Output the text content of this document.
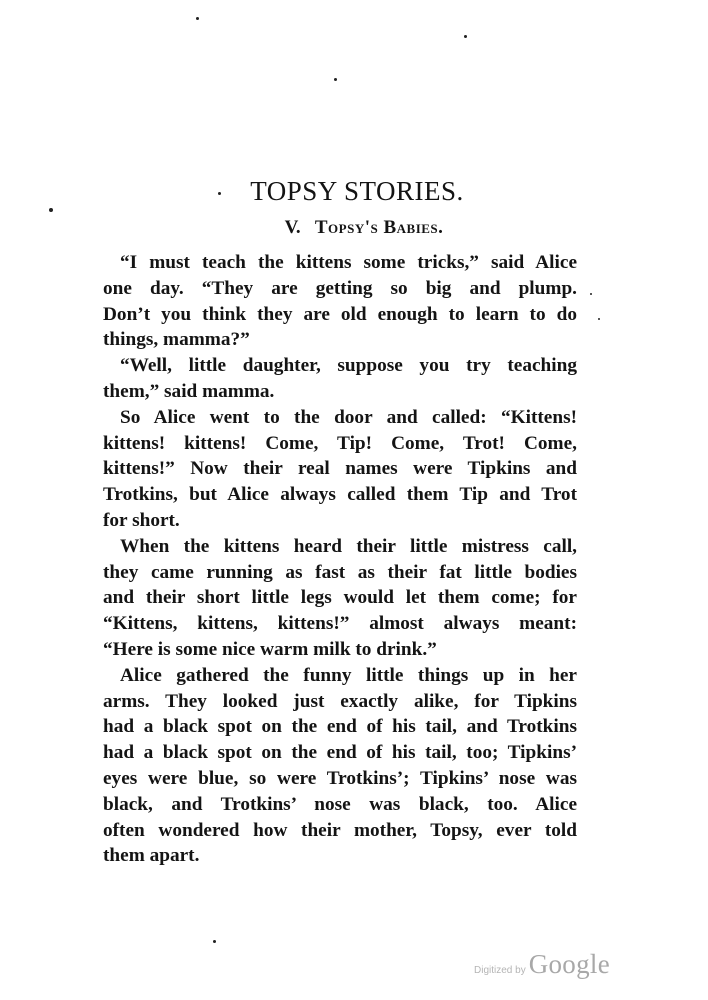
TOPSY STORIES.
V. Topsy's Babies.
“I must teach the kittens some tricks,” said Alice
one day. “They are getting so big and plump.
Don’t you think they are old enough to learn to do
things, mamma?”
“Well, little daughter, suppose you try teaching
them,” said mamma.
So Alice went to the door and called: “Kittens!
kittens! kittens! Come, Tip! Come, Trot! Come,
kittens!” Now their real names were Tipkins and
Trotkins, but Alice always called them Tip and Trot
for short.
When the kittens heard their little mistress call,
they came running as fast as their fat little bodies
and their short little legs would let them come; for
“Kittens, kittens, kittens!” almost always meant:
“Here is some nice warm milk to drink.”
Alice gathered the funny little things up in her
arms. They looked just exactly alike, for Tipkins
had a black spot on the end of his tail, and Trotkins
had a black spot on the end of his tail, too; Tipkins’
eyes were blue, so were Trotkins’; Tipkins’ nose was
black, and Trotkins’ nose was black, too. Alice
often wondered how their mother, Topsy, ever told
them apart.
Digitized by Google
